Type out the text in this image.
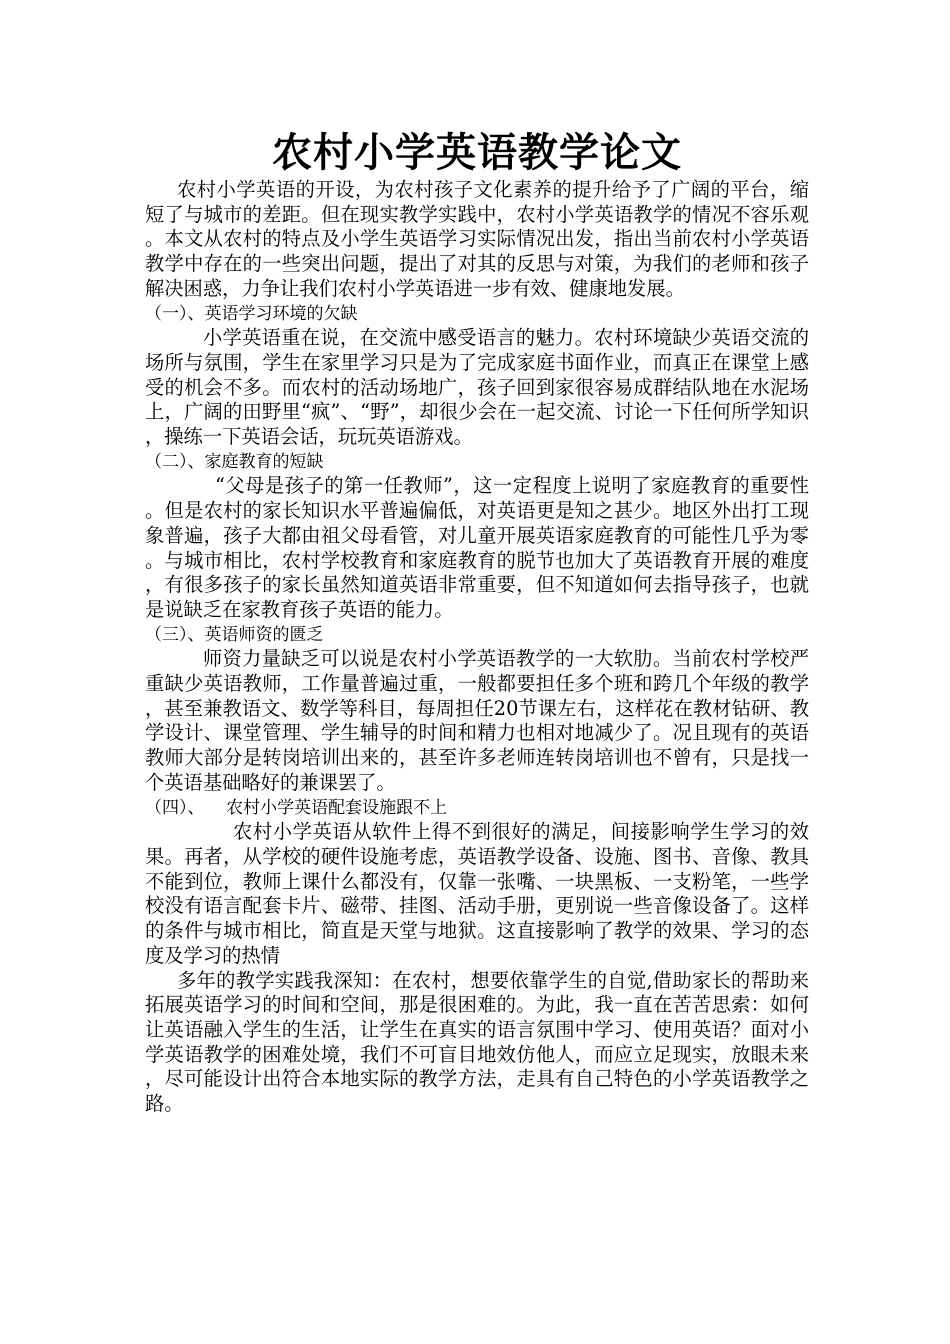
农村小学英语教学论文

农村小学英语的开设，为农村孩子文化素养的提升给予了广阔的平台，缩短了与城市的差距。但在现实教学实践中，农村小学英语教学的情况不容乐观。本文从农村的特点及小学生英语学习实际情况出发，指出当前农村小学英语教学中存在的一些突出问题，提出了对其的反思与对策，为我们的老师和孩子解决困惑，力争让我们农村小学英语进一步有效、健康地发展。

（一）、英语学习环境的欠缺

小学英语重在说，在交流中感受语言的魅力。农村环境缺少英语交流的场所与氛围，学生在家里学习只是为了完成家庭书面作业，而真正在课堂上感受的机会不多。而农村的活动场地广，孩子回到家很容易成群结队地在水泥场上，广阔的田野里“疯”、“野”，却很少会在一起交流、讨论一下任何所学知识，操练一下英语会话，玩玩英语游戏。

（二）、家庭教育的短缺

“父母是孩子的第一任教师”，这一定程度上说明了家庭教育的重要性。但是农村的家长知识水平普遍偏低，对英语更是知之甚少。地区外出打工现象普遍，孩子大都由祖父母看管，对儿童开展英语家庭教育的可能性几乎为零。与城市相比，农村学校教育和家庭教育的脱节也加大了英语教育开展的难度，有很多孩子的家长虽然知道英语非常重要，但不知道如何去指导孩子，也就是说缺乏在家教育孩子英语的能力。

（三）、英语师资的匮乏

师资力量缺乏可以说是农村小学英语教学的一大软肋。当前农村学校严重缺少英语教师，工作量普遍过重，一般都要担任多个班和跨几个年级的教学，甚至兼教语文、数学等科目，每周担任20节课左右，这样花在教材钻研、教学设计、课堂管理、学生辅导的时间和精力也相对地减少了。况且现有的英语教师大部分是转岗培训出来的，甚至许多老师连转岗培训也不曾有，只是找一个英语基础略好的兼课罢了。

（四）、    农村小学英语配套设施跟不上

农村小学英语从软件上得不到很好的满足，间接影响学生学习的效果。再者，从学校的硬件设施考虑，英语教学设备、设施、图书、音像、教具不能到位，教师上课什么都没有，仅靠一张嘴、一块黑板、一支粉笔，一些学校没有语言配套卡片、磁带、挂图、活动手册，更别说一些音像设备了。这样的条件与城市相比，简直是天堂与地狱。这直接影响了教学的效果、学习的态度及学习的热情

多年的教学实践我深知：在农村，想要依靠学生的自觉,借助家长的帮助来拓展英语学习的时间和空间，那是很困难的。为此，我一直在苦苦思索：如何让英语融入学生的生活，让学生在真实的语言氛围中学习、使用英语？面对小学英语教学的困难处境，我们不可盲目地效仿他人，而应立足现实，放眼未来，尽可能设计出符合本地实际的教学方法，走具有自己特色的小学英语教学之路。
